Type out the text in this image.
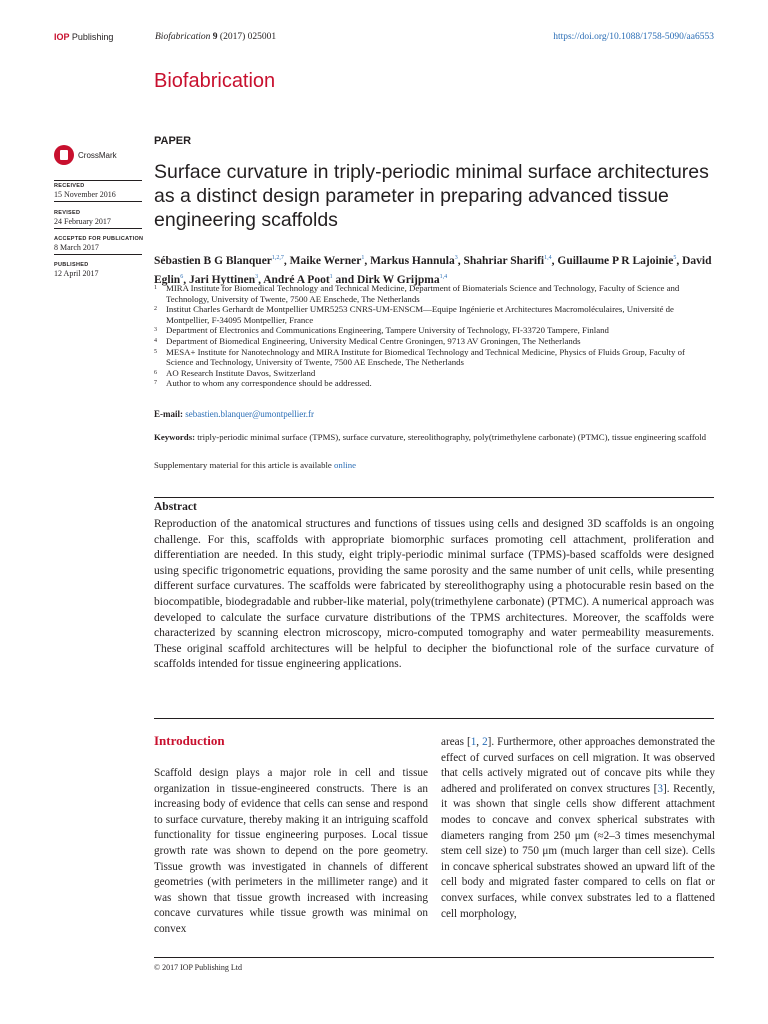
IOP Publishing	Biofabrication 9 (2017) 025001	https://doi.org/10.1088/1758-5090/aa6553
Biofabrication
CrossMark
RECEIVED
15 November 2016
REVISED
24 February 2017
ACCEPTED FOR PUBLICATION
8 March 2017
PUBLISHED
12 April 2017
PAPER
Surface curvature in triply-periodic minimal surface architectures as a distinct design parameter in preparing advanced tissue engineering scaffolds
Sébastien B G Blanquer$^{1,2,7}$, Maike Werner$^1$, Markus Hannula$^3$, Shahriar Sharifi$^{1,4}$, Guillaume P R Lajoinie$^5$, David Eglin$^6$, Jari Hyttinen$^3$, André A Poot$^1$ and Dirk W Grijpma$^{1,4}$
1	MIRA Institute for Biomedical Technology and Technical Medicine, Department of Biomaterials Science and Technology, Faculty of Science and Technology, University of Twente, 7500 AE Enschede, The Netherlands
2	Institut Charles Gerhardt de Montpellier UMR5253 CNRS-UM-ENSCM—Equipe Ingénierie et Architectures Macromoléculaires, Université de Montpellier, F-34095 Montpellier, France
3	Department of Electronics and Communications Engineering, Tampere University of Technology, FI-33720 Tampere, Finland
4	Department of Biomedical Engineering, University Medical Centre Groningen, 9713 AV Groningen, The Netherlands
5	MESA+ Institute for Nanotechnology and MIRA Institute for Biomedical Technology and Technical Medicine, Physics of Fluids Group, Faculty of Science and Technology, University of Twente, 7500 AE Enschede, The Netherlands
6	AO Research Institute Davos, Switzerland
7	Author to whom any correspondence should be addressed.
E-mail: sebastien.blanquer@umontpellier.fr
Keywords: triply-periodic minimal surface (TPMS), surface curvature, stereolithography, poly(trimethylene carbonate) (PTMC), tissue engineering scaffold
Supplementary material for this article is available online
Abstract
Reproduction of the anatomical structures and functions of tissues using cells and designed 3D scaffolds is an ongoing challenge. For this, scaffolds with appropriate biomorphic surfaces promoting cell attachment, proliferation and differentiation are needed. In this study, eight triply-periodic minimal surface (TPMS)-based scaffolds were designed using specific trigonometric equations, providing the same porosity and the same number of unit cells, while presenting different surface curvatures. The scaffolds were fabricated by stereolithography using a photocurable resin based on the biocompatible, biodegradable and rubber-like material, poly(trimethylene carbonate) (PTMC). A numerical approach was developed to calculate the surface curvature distributions of the TPMS architectures. Moreover, the scaffolds were characterized by scanning electron microscopy, micro-computed tomography and water permeability measurements. These original scaffold architectures will be helpful to decipher the biofunctional role of the surface curvature of scaffolds intended for tissue engineering applications.
Introduction
Scaffold design plays a major role in cell and tissue organization in tissue-engineered constructs. There is an increasing body of evidence that cells can sense and respond to surface curvature, thereby making it an intriguing scaffold functionality for tissue engineering purposes. Local tissue growth rate was shown to depend on the pore geometry. Tissue growth was investigated in channels of different geometries (with perimeters in the millimeter range) and it was shown that tissue growth increased with increasing concave curvatures while tissue growth was minimal on convex
areas [1, 2]. Furthermore, other approaches demonstrated the effect of curved surfaces on cell migration. It was observed that cells actively migrated out of concave pits while they adhered and proliferated on convex structures [3]. Recently, it was shown that single cells show different attachment modes to concave and convex spherical substrates with diameters ranging from 250 μm (≈2–3 times mesenchymal stem cell size) to 750 μm (much larger than cell size). Cells in concave spherical substrates showed an upward lift of the cell body and migrated faster compared to cells on flat or convex surfaces, while convex substrates led to a flattened cell morphology,
© 2017 IOP Publishing Ltd
